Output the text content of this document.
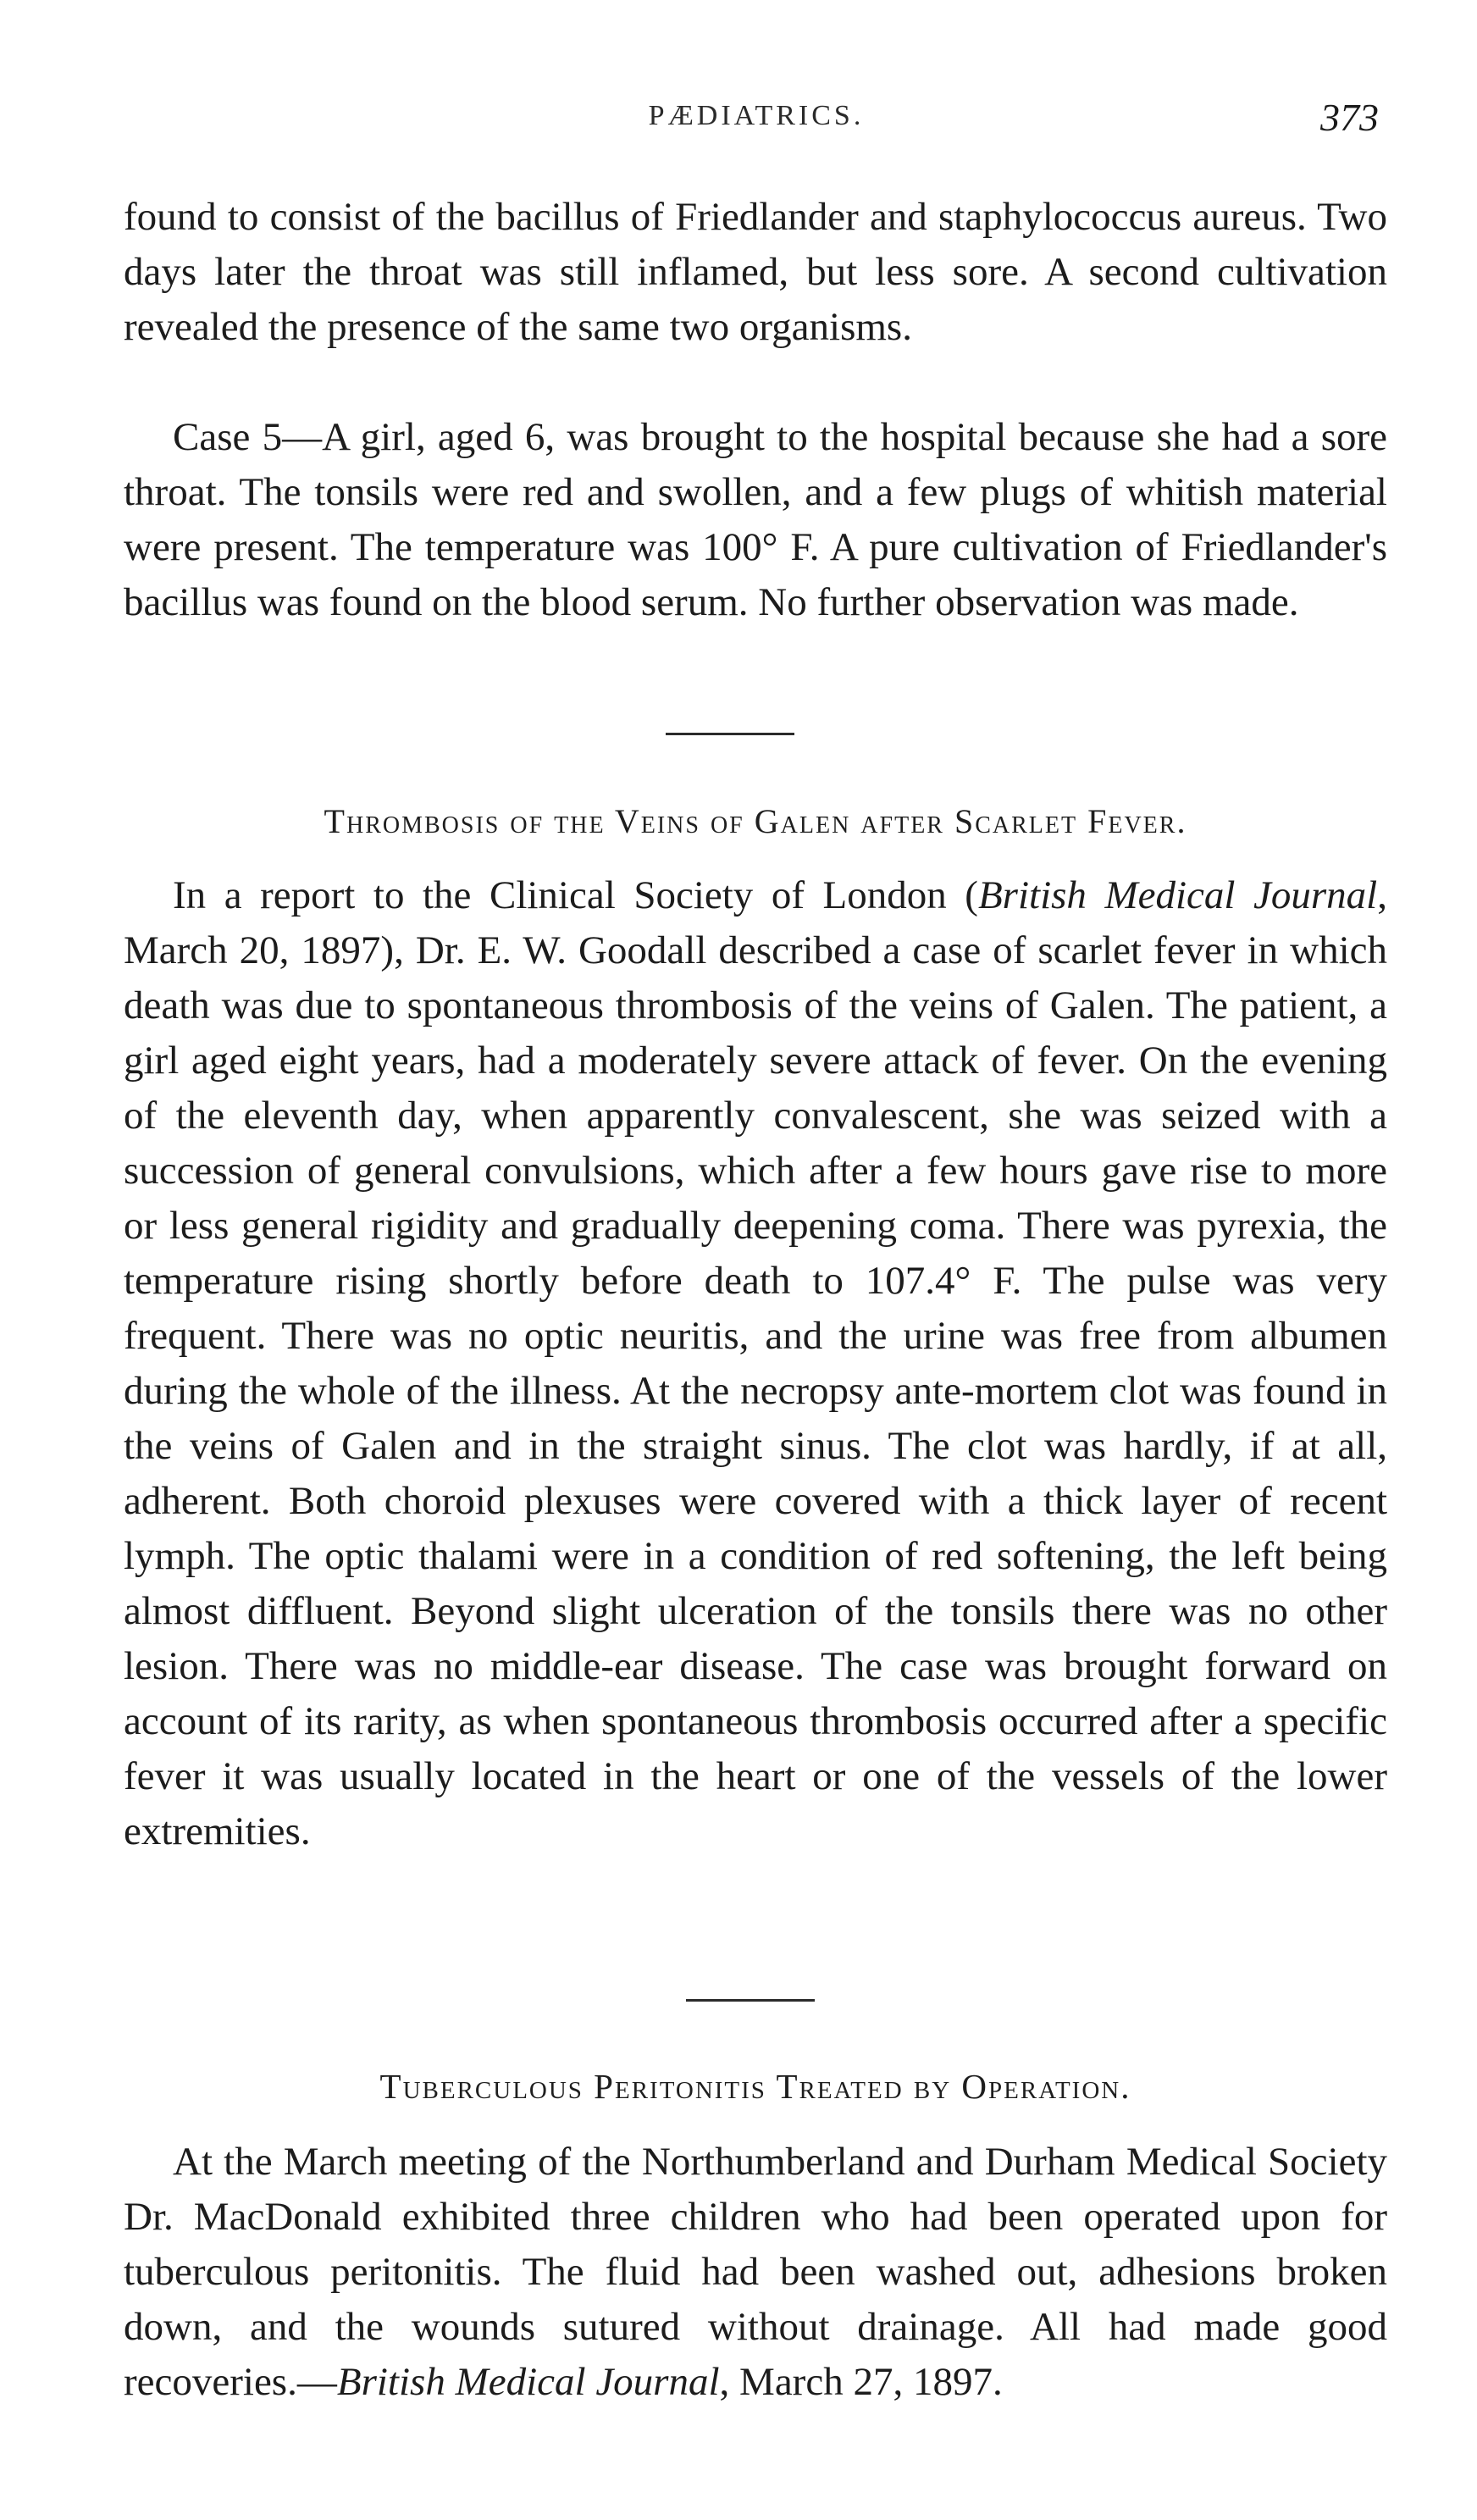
PÆDIATRICS.	373

found to consist of the bacillus of Friedlander and staphylococcus aureus. Two days later the throat was still inflamed, but less sore. A second cultivation revealed the presence of the same two organisms.

Case 5—A girl, aged 6, was brought to the hospital because she had a sore throat. The tonsils were red and swollen, and a few plugs of whitish material were present. The temperature was 100° F. A pure cultivation of Friedlander's bacillus was found on the blood serum. No further observation was made.

Thrombosis of the Veins of Galen after Scarlet Fever.

In a report to the Clinical Society of London (British Medical Journal, March 20, 1897), Dr. E. W. Goodall described a case of scarlet fever in which death was due to spontaneous thrombosis of the veins of Galen. The patient, a girl aged eight years, had a moderately severe attack of fever. On the evening of the eleventh day, when apparently convalescent, she was seized with a succession of general convulsions, which after a few hours gave rise to more or less general rigidity and gradually deepening coma. There was pyrexia, the temperature rising shortly before death to 107.4° F. The pulse was very frequent. There was no optic neuritis, and the urine was free from albumen during the whole of the illness. At the necropsy ante-mortem clot was found in the veins of Galen and in the straight sinus. The clot was hardly, if at all, adherent. Both choroid plexuses were covered with a thick layer of recent lymph. The optic thalami were in a condition of red softening, the left being almost diffluent. Beyond slight ulceration of the tonsils there was no other lesion. There was no middle-ear disease. The case was brought forward on account of its rarity, as when spontaneous thrombosis occurred after a specific fever it was usually located in the heart or one of the vessels of the lower extremities.

Tuberculous Peritonitis Treated by Operation.

At the March meeting of the Northumberland and Durham Medical Society Dr. MacDonald exhibited three children who had been operated upon for tuberculous peritonitis. The fluid had been washed out, adhesions broken down, and the wounds sutured without drainage. All had made good recoveries.—British Medical Journal, March 27, 1897.
